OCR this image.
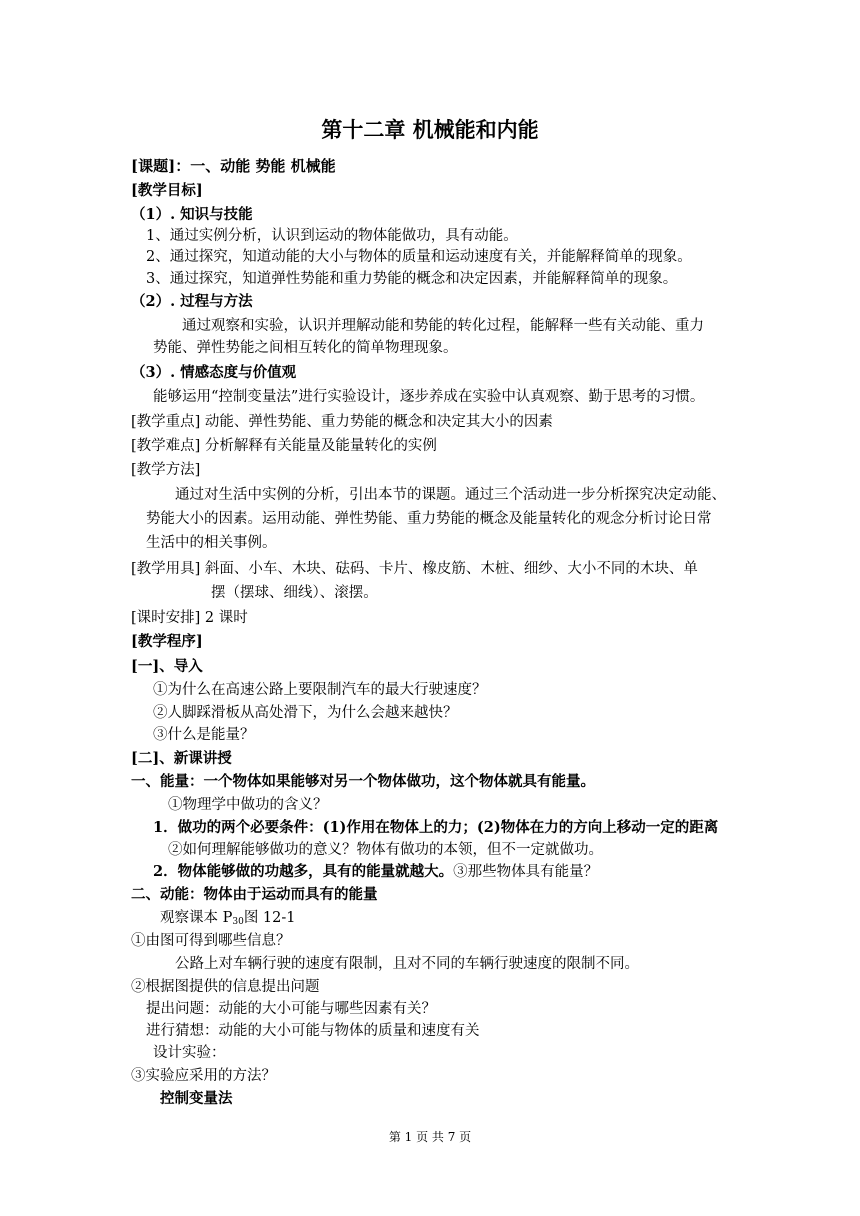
第十二章 机械能和内能
[课题]：一、动能 势能 机械能
[教学目标]
（1）. 知识与技能
1、通过实例分析，认识到运动的物体能做功，具有动能。
2、通过探究，知道动能的大小与物体的质量和运动速度有关，并能解释简单的现象。
3、通过探究，知道弹性势能和重力势能的概念和决定因素，并能解释简单的现象。
（2）. 过程与方法
通过观察和实验，认识并理解动能和势能的转化过程，能解释一些有关动能、重力
势能、弹性势能之间相互转化的简单物理现象。
（3）. 情感态度与价值观
能够运用“控制变量法”进行实验设计，逐步养成在实验中认真观察、勤于思考的习惯。
[教学重点] 动能、弹性势能、重力势能的概念和决定其大小的因素
[教学难点] 分析解释有关能量及能量转化的实例
[教学方法]
通过对生活中实例的分析，引出本节的课题。通过三个活动进一步分析探究决定动能、
势能大小的因素。运用动能、弹性势能、重力势能的概念及能量转化的观念分析讨论日常
生活中的相关事例。
[教学用具] 斜面、小车、木块、砝码、卡片、橡皮筋、木桩、细纱、大小不同的木块、单
摆（摆球、细线）、滚摆。
[课时安排] 2 课时
[教学程序]
[一]、导入
①为什么在高速公路上要限制汽车的最大行驶速度？
②人脚踩滑板从高处滑下，为什么会越来越快？
③什么是能量？
[二]、新课讲授
一、能量：一个物体如果能够对另一个物体做功，这个物体就具有能量。
①物理学中做功的含义？
1．做功的两个必要条件：(1)作用在物体上的力；(2)物体在力的方向上移动一定的距离
②如何理解能够做功的意义？物体有做功的本领，但不一定就做功。
2．物体能够做的功越多，具有的能量就越大。③那些物体具有能量？
二、动能：物体由于运动而具有的能量
观察课本 $P_{30}$图 12-1
①由图可得到哪些信息？
公路上对车辆行驶的速度有限制，且对不同的车辆行驶速度的限制不同。
②根据图提供的信息提出问题
提出问题：动能的大小可能与哪些因素有关？
进行猜想：动能的大小可能与物体的质量和速度有关
设计实验：
③实验应采用的方法？
控制变量法
第 1 页 共 7 页
